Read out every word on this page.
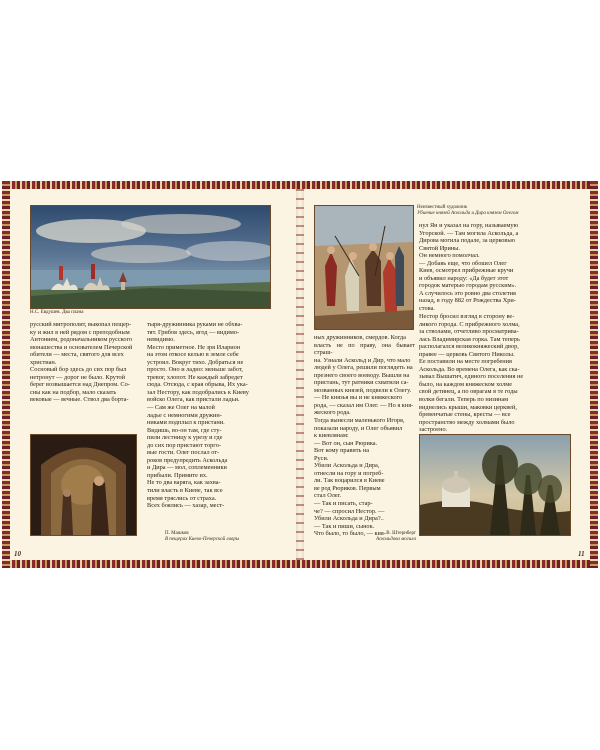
Н.С. Евдушев. Два плана
русский митрополит, выкопал пещер-
ку и жил в ней рядом с преподобным
Антонием, родоначальником русского
монашества и основателем Печерской
обители — места, святого для всех
христиан.
Сосновый бор здесь до сих пор был
нетронут — дорог не было. Крутой
берег возвышается над Днепром. Со-
сны как на подбор, мало сказать
вековые — вечные. Ствол два борта-
тыря-дружинника руками не обхва-
тят. Грибов здесь, ягод — видимо-
невидимо.
Место приметное. Не зря Иларион
на этом откосе келью в земле себе
устроил. Вокруг тихо. Добраться не
просто. Оно и ладно: меньше забот,
тревог, хлопот. Не каждый забредет
сюда. Отсюда, с края обрыва, Их ука-
зал Нестору, как подобрались к Киеву
войско Олега, как пристали ладьи.
— Сам же Олег на малой
ладье с немногими дружин-
никами подплыл к пристани.
Видишь, во-он там, где сту-
пили лестницу к урезу и где
до сих пор пристают торго-
вые гости. Олег послал от-
роков предупредить Аскольда
и Дира — мол, соплеменники
прибыли. Примите их.
Не то два варяга, как захва-
тили власть в Киеве, так все
время тряслись от страха.
Всех боялись — хазар, мест-
П. Машков
В пещерах Киево-Печерской лавры
10
Неизвестный художник
Убиение князей Аскольда и Дира князем Олегом
ных дружинников, смердов. Когда
власть не по праву, она бывает страш-
на. Узнали Аскольд и Дир, что мало
людей у Олега, решили поглядеть на
презнего своего воеводу. Вышли на
пристань, тут ратники схватили са-
мозванных князей, подвели к Олегу.
— Не князья вы и не княжеского
рода, — сказал им Олег. — Но я кня-
жеского рода.
Тогда вынесли маленького Игоря,
показали народу, и Олег объявил
к киевлянам:
— Вот он, сын Рюрика.
Вот кому править на
Руси.
Убили Аскольда и Дира,
отнесли на гору и погреб-
ли. Так воцарился в Киеве
ве род Рюриков. Первым
стал Олег.
— Так и писать, стар-
че? — спросил Нестор. —
Убили Аскольда и Дира?..
— Так и пиши, сынок.
Что было, то было, — кия-
нул Ян и указал на гору, называемую
Угорской. — Там могила Аскольда, а
Дирова могила подале, за церковью
Святой Ирины.
Он немного помолчал.
— Добавь еще, что обошел Олег
Киев, осмотрел прибрежные кручи
и объявил народу: «Да будет этот
городок матерью городам русским».
А случилось это ровно два столетия
назад, в году 882 от Рождества Хри-
стова.
Нестор бросил взгляд в сторону ве-
ликого города. С прибрежного холма,
за стволами, отчетливо просматрива-
лась Владимирская горка. Там теперь
располагался великокняжеский двор,
правее — церковь Святого Николы.
Ее поставили на месте погребения
Аскольда. Во времена Олега, как ска-
зывал Вышатич, единого поселения не
было, на каждом княжеском холме
свой детинец, а по оврагам в те годы
волки бегали. Теперь по низинам
виднелись крыши, маковки церквей,
бревенчатые стены, кресты — все
пространство между холмами было
застроено.
В. Штернберг
Аскольдова могила
11
